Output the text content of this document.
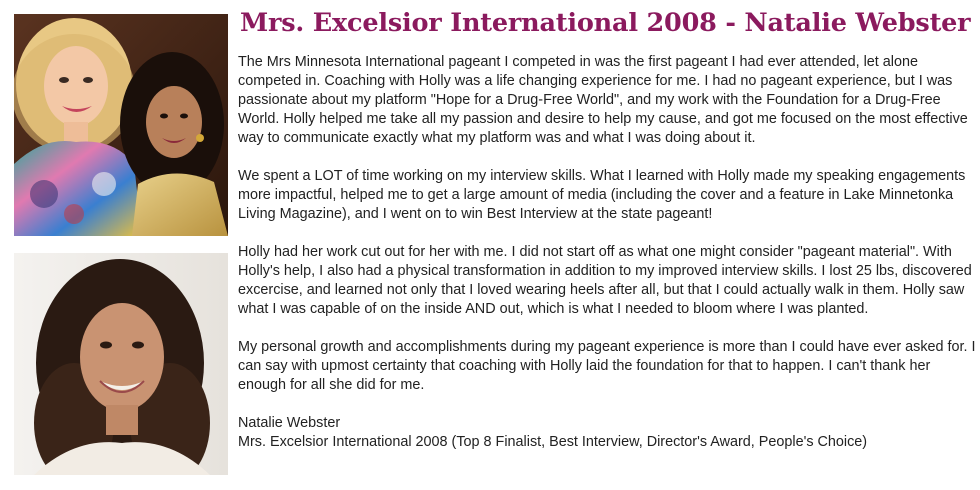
Mrs. Excelsior International 2008 - Natalie Webster

The Mrs Minnesota International pageant I competed in was the first pageant I had ever attended, let alone competed in. Coaching with Holly was a life changing experience for me. I had no pageant experience, but I was passionate about my platform "Hope for a Drug-Free World", and my work with the Foundation for a Drug-Free World. Holly helped me take all my passion and desire to help my cause, and got me focused on the most effective way to communicate exactly what my platform was and what I was doing about it.

We spent a LOT of time working on my interview skills. What I learned with Holly made my speaking engagements more impactful, helped me to get a large amount of media (including the cover and a feature in Lake Minnetonka Living Magazine), and I went on to win Best Interview at the state pageant!

Holly had her work cut out for her with me. I did not start off as what one might consider "pageant material". With Holly's help, I also had a physical transformation in addition to my improved interview skills. I lost 25 lbs, discovered excercise, and learned not only that I loved wearing heels after all, but that I could actually walk in them. Holly saw what I was capable of on the inside AND out, which is what I needed to bloom where I was planted.

My personal growth and accomplishments during my pageant experience is more than I could have ever asked for. I can say with upmost certainty that coaching with Holly laid the foundation for that to happen. I can't thank her enough for all she did for me.

Natalie Webster
Mrs. Excelsior International 2008 (Top 8 Finalist, Best Interview, Director's Award, People's Choice)
